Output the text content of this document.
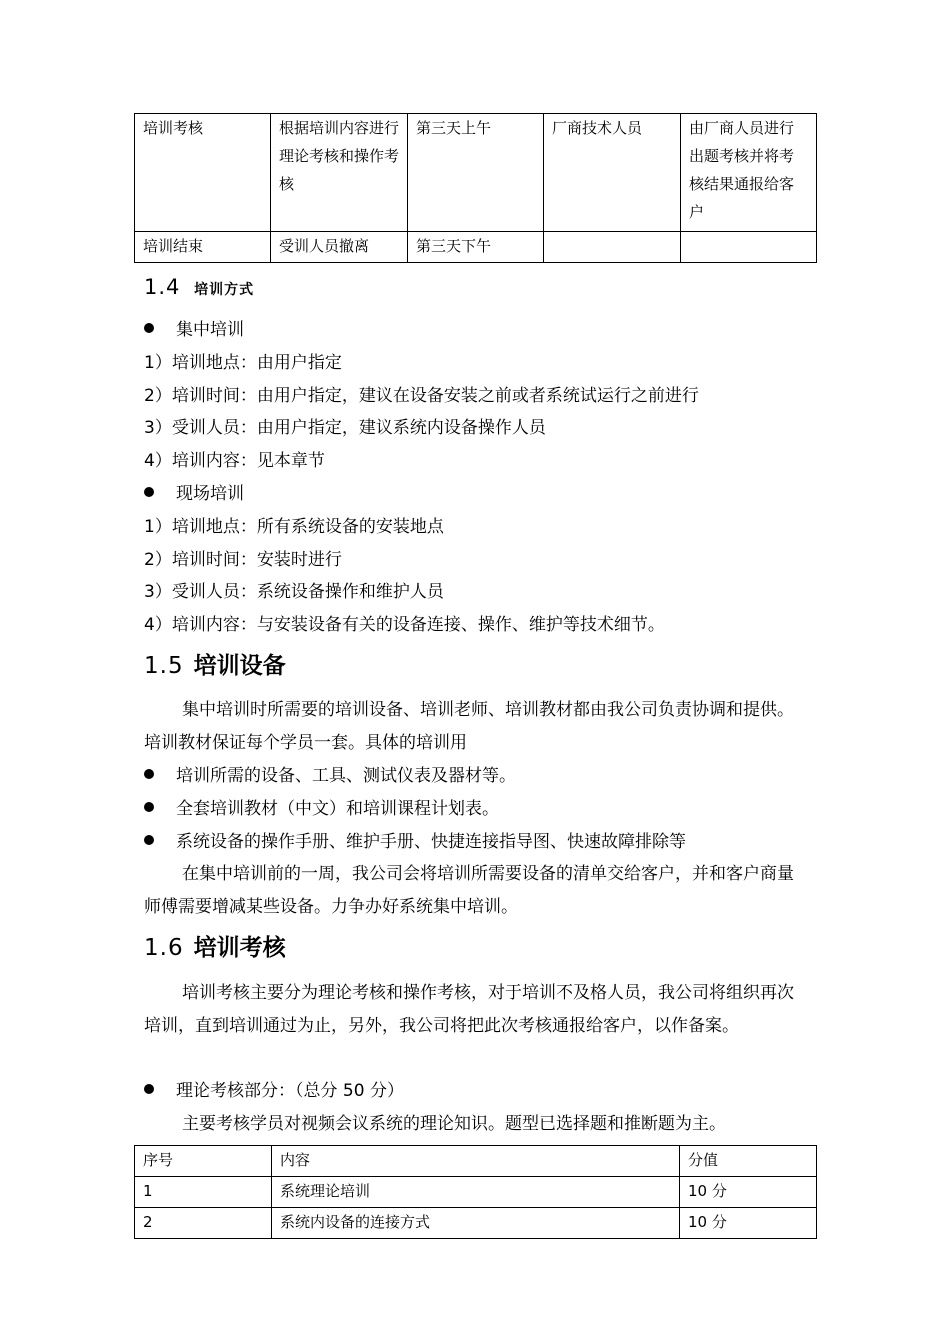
培训考核	根据培训内容进行理论考核和操作考核	第三天上午	厂商技术人员	由厂商人员进行出题考核并将考核结果通报给客户
培训结束	受训人员撤离	第三天下午		
1.4 培训方式
集中培训
1）培训地点：由用户指定
2）培训时间：由用户指定，建议在设备安装之前或者系统试运行之前进行
3）受训人员：由用户指定，建议系统内设备操作人员
4）培训内容：见本章节
现场培训
1）培训地点：所有系统设备的安装地点
2）培训时间：安装时进行
3）受训人员：系统设备操作和维护人员
4）培训内容：与安装设备有关的设备连接、操作、维护等技术细节。
1.5 培训设备
集中培训时所需要的培训设备、培训老师、培训教材都由我公司负责协调和提供。培训教材保证每个学员一套。具体的培训用
培训所需的设备、工具、测试仪表及器材等。
全套培训教材（中文）和培训课程计划表。
系统设备的操作手册、维护手册、快捷连接指导图、快速故障排除等
在集中培训前的一周，我公司会将培训所需要设备的清单交给客户，并和客户商量师傅需要增减某些设备。力争办好系统集中培训。
1.6 培训考核
培训考核主要分为理论考核和操作考核，对于培训不及格人员，我公司将组织再次培训，直到培训通过为止，另外，我公司将把此次考核通报给客户，以作备案。
理论考核部分：（总分 50 分）
主要考核学员对视频会议系统的理论知识。题型已选择题和推断题为主。
序号	内容	分值
1	系统理论培训	10 分
2	系统内设备的连接方式	10 分
